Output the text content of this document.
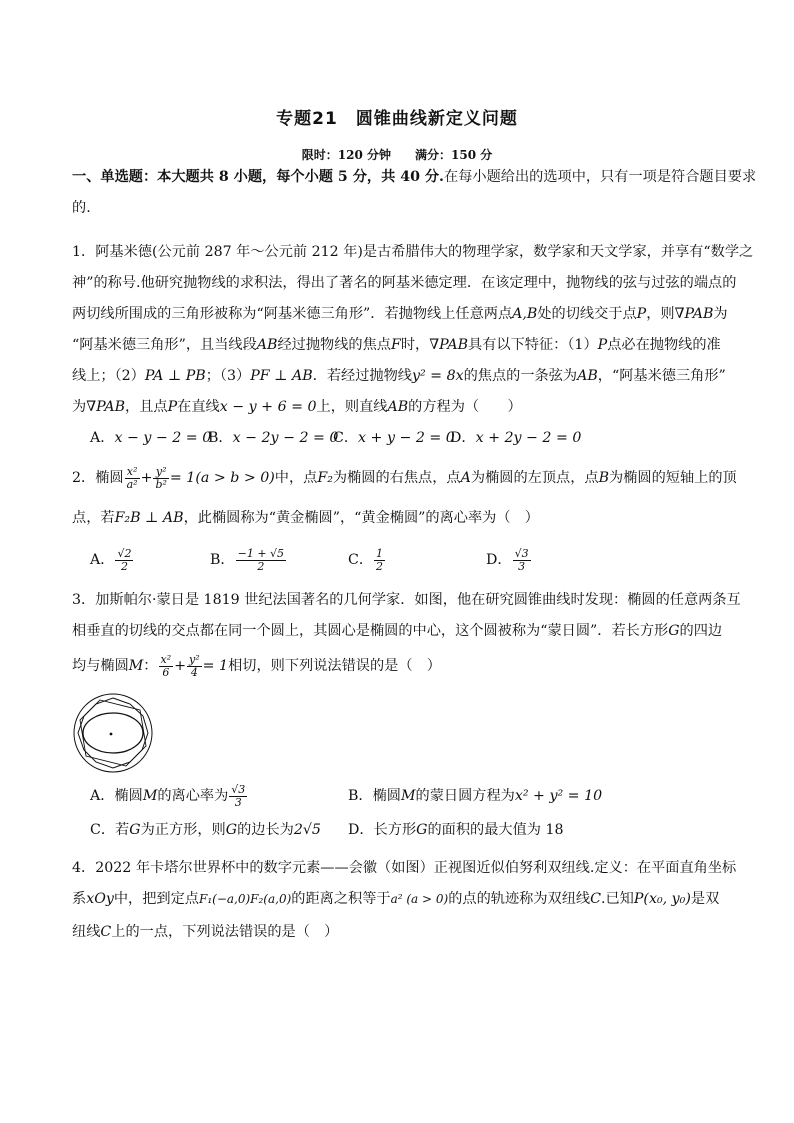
专题21　圆锥曲线新定义问题
限时：120 分钟　　满分：150 分
一、单选题：本大题共 8 小题，每个小题 5 分，共 40 分.在每小题给出的选项中，只有一项是符合题目要求
的.
1．阿基米德(公元前 287 年～公元前 212 年)是古希腊伟大的物理学家，数学家和天文学家，并享有“数学之
神”的称号.他研究抛物线的求积法，得出了著名的阿基米德定理．在该定理中，抛物线的弦与过弦的端点的
两切线所围成的三角形被称为“阿基米德三角形”．若抛物线上任意两点A,B处的切线交于点P，则∇PAB为
“阿基米德三角形”，且当线段AB经过抛物线的焦点F时，∇PAB具有以下特征：（1）P点必在抛物线的准
线上；（2）PA ⊥ PB；（3）PF ⊥ AB．若经过抛物线y² = 8x的焦点的一条弦为AB，“阿基米德三角形”
为∇PAB，且点P在直线x − y + 6 = 0上，则直线AB的方程为（　　）
A．x − y − 2 = 0
B．x − 2y − 2 = 0
C．x + y − 2 = 0
D．x + 2y − 2 = 0
2．椭圆 $\frac{\text{x²}}{\text{a²}} + \frac{\text{y²}}{\text{b²}} = 1(a > b > 0)$中，点F₂为椭圆的右焦点，点A为椭圆的左顶点，点B为椭圆的短轴上的顶
点，若F₂B ⊥ AB，此椭圆称为“黄金椭圆”，“黄金椭圆”的离心率为（　）
A． $\frac{√2}{2}$	B． $\frac{-1 + √5}{2}$	C． $\frac{1}{2}$	D． $\frac{√3}{3}$
3．加斯帕尔·蒙日是 1819 世纪法国著名的几何学家．如图，他在研究圆锥曲线时发现：椭圆的任意两条互
相垂直的切线的交点都在同一个圆上，其圆心是椭圆的中心，这个圆被称为“蒙日圆”．若长方形G的四边
均与椭圆M： $\frac{\text{x²}}{6} + \frac{\text{y²}}{4} = 1$相切，则下列说法错误的是（　）
A．椭圆M的离心率为 $\frac{√3}{3}$	B．椭圆M的蒙日圆方程为x² + y² = 10
C．若G为正方形，则G的边长为2√5 D．长方形G的面积的最大值为 18
4．2022 年卡塔尔世界杯中的数字元素——会徽（如图）正视图近似伯努利双纽线.定义：在平面直角坐标
系xOy中，把到定点F₁(−a,0)F₂(a,0)的距离之积等于a² (a > 0)的点的轨迹称为双纽线C.已知P(x₀, y₀)是双
纽线C上的一点，下列说法错误的是（　）
